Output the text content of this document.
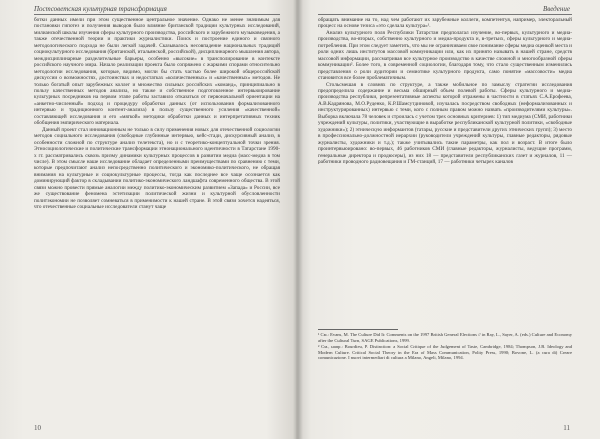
Постсоветская культурная трансформация

ботки данных имели при этом существенное центральное значение. Однако не менее значимым для постановки гипотез и получения выводов было влияние британской традиции культурных исследований, милианской школы изучения сферы культурного производства, российского и зарубежного музыковедения, а также отечественной теории и практики журналистики. Поиск и построение единого и связного методологического подхода не были легкой задачей. Сказывалось несовпадение национальных традиций социокультурного исследования (британской, итальянской, российской), дисциплинарного мышления автора, междисциплинарные разделительные барьеры, особенно «высокие» в трансполирование в контексте российского научного мира. Начало реализации проекта было сопряжено с жаркими спорами относительно методологии исследования, которые, видимо, могли бы стать частью более широкой общероссийской дискуссии о возможностях, достоинствах и недостатках «количественных» и «качественных» методов. Не только богатый опыт зарубежных коллег и множество сильных российских «команд», принципиально в пользу качественных методов анализа, но также и собственное подготовленное интервьюирование культурных посредников на первом этапе работы заставило отказаться от первоначальной ориентации на «анкетно-численный» подход и процедуру обработки данных (от использования формализованного интервью и традиционного контент-анализа) в пользу существенного усиления «качественной» составляющей исследования и его «мягкой» методики обработки данных и интерпретативных техник обобщения эмпирического материала.

Данный проект стал инновационным не только в силу применения новых для отечественной социологии методов социального исследования (свободные глубинные интервью, кейс-стади, дискурсивный анализ, в особенности сложной по структуре анализ телетекста), но и с теоретико-концептуальной точки зрения. Этносоциологические и политические трансформации этнонационального идентичности в Татарстане 1990-х гг. рассматривались сквозь призму динамики культурных процессов в развитии медиа (масс-медиа в том числе). В этом смысле наше исследование обладает определенными преимуществами по сравнению с теми, которые предпочитают анализ непосредственно политического и экономико-политического, не обращая внимания на культурные и социокультурные процессы, тогда как последнее все чаще осознается как доминирующий фактор в складывании политико-экономического ландшафта современного общества. В этой связи можно провести прямые аналогии между политико-экономическим развитием «Запада» и России, все же существование феномена эстетизации политической жизни и культурной обусловленности политэкономии не позволяет сомневаться в применимости к нашей стране. В этой связи хочется надеяться, что отечественные социальные исследователи станут чаще

10
Введение

обращать внимание на то, над чем работают их зарубежные коллеги, компетентуя, например, электоральный процесс на основе тезиса «это сделала культура»¹.

Анализ культурного поля Республики Татарстан предполагал изучение, во-первых, культурного и медиа-производства, во-вторых, собственно культурного и медиа-продукта и, в-третьих, сферы культурного и медиа-потребления. При этом следует заметить, что мы не ограничиваем свое понимание сферы медиа оценкой места и роли одних лишь институтов массовой коммуникации или, как их принято называть в нашей стране, средств массовой информации, рассматривая все культурное производство в качестве сложной и многообразной сферы коммуникации². Более того, в современной социологии, благодаря тому, что стало существенным изменились представления о роли аудитории и семиотике культурного продукта, само понятие «массовости» медиа становится все более проблематичным.

Стольсмешая в словнях по структуре, а также мобильное по замыслу стратегии исследования предопределила содержание и весьма обширный объем полевой работы. Сферы культурного и медиа-производства республики, репрезентативные аспекты которой отражены в частности в статьях С.А.Ерофеева, А.В.Кадрянова, М.О.Руденко, К.Р.Шамсутдиновой, изучалась посредством свободных (неформализованных и инструктурированных) интервью с теми, кого с полным правом можно назвать «производителями культуры». Выборка включала 78 человек и строилась с учетом трех основных критериев: 1) тип медиума (СМИ, работники учреждений культуры, политики, участвующие в выработке республиканской культурной политики, «свободные художники»); 2) этническую информантов (татары, русские и представители других этнических групп); 3) место в профессионально-должностной иерархии (руководители учреждений культуры, главные редакторы, рядовые журналисты, художники и т.д.); также учитывались такие параметры, как пол и возраст. В итоге было проинтервьюировано: во-первых, 46 работников СМИ (главные редакторы, журналисты, ведущие программ, генеральные директора и продюсеры), из них 18 — представители республиканских газет и журналов, 11 — работники проводного радиовещания и ГМ-станций, 17 — работники четырех каналов

¹ См.: Evans, M. The Culture Did It: Comments on the 1997 British General Elections // in Ray, L., Sayer, A. (eds.) Culture and Economy after the Cultural Turn, SAGE Publications, 1999.

² См., напр.: Bourdieu, P. Distinction: a Social Critique of the Judgement of Taste, Cambridge, 1984; Thompson, J.B. Ideology and Modern Culture. Critical Social Theory in the Era of Mass Communication, Polity Press, 1990; Bovone, L. (a cura di) Creare comunicazione. I nuovi intermediari di cultura a Milano, Angeli, Milano, 1994.

11
